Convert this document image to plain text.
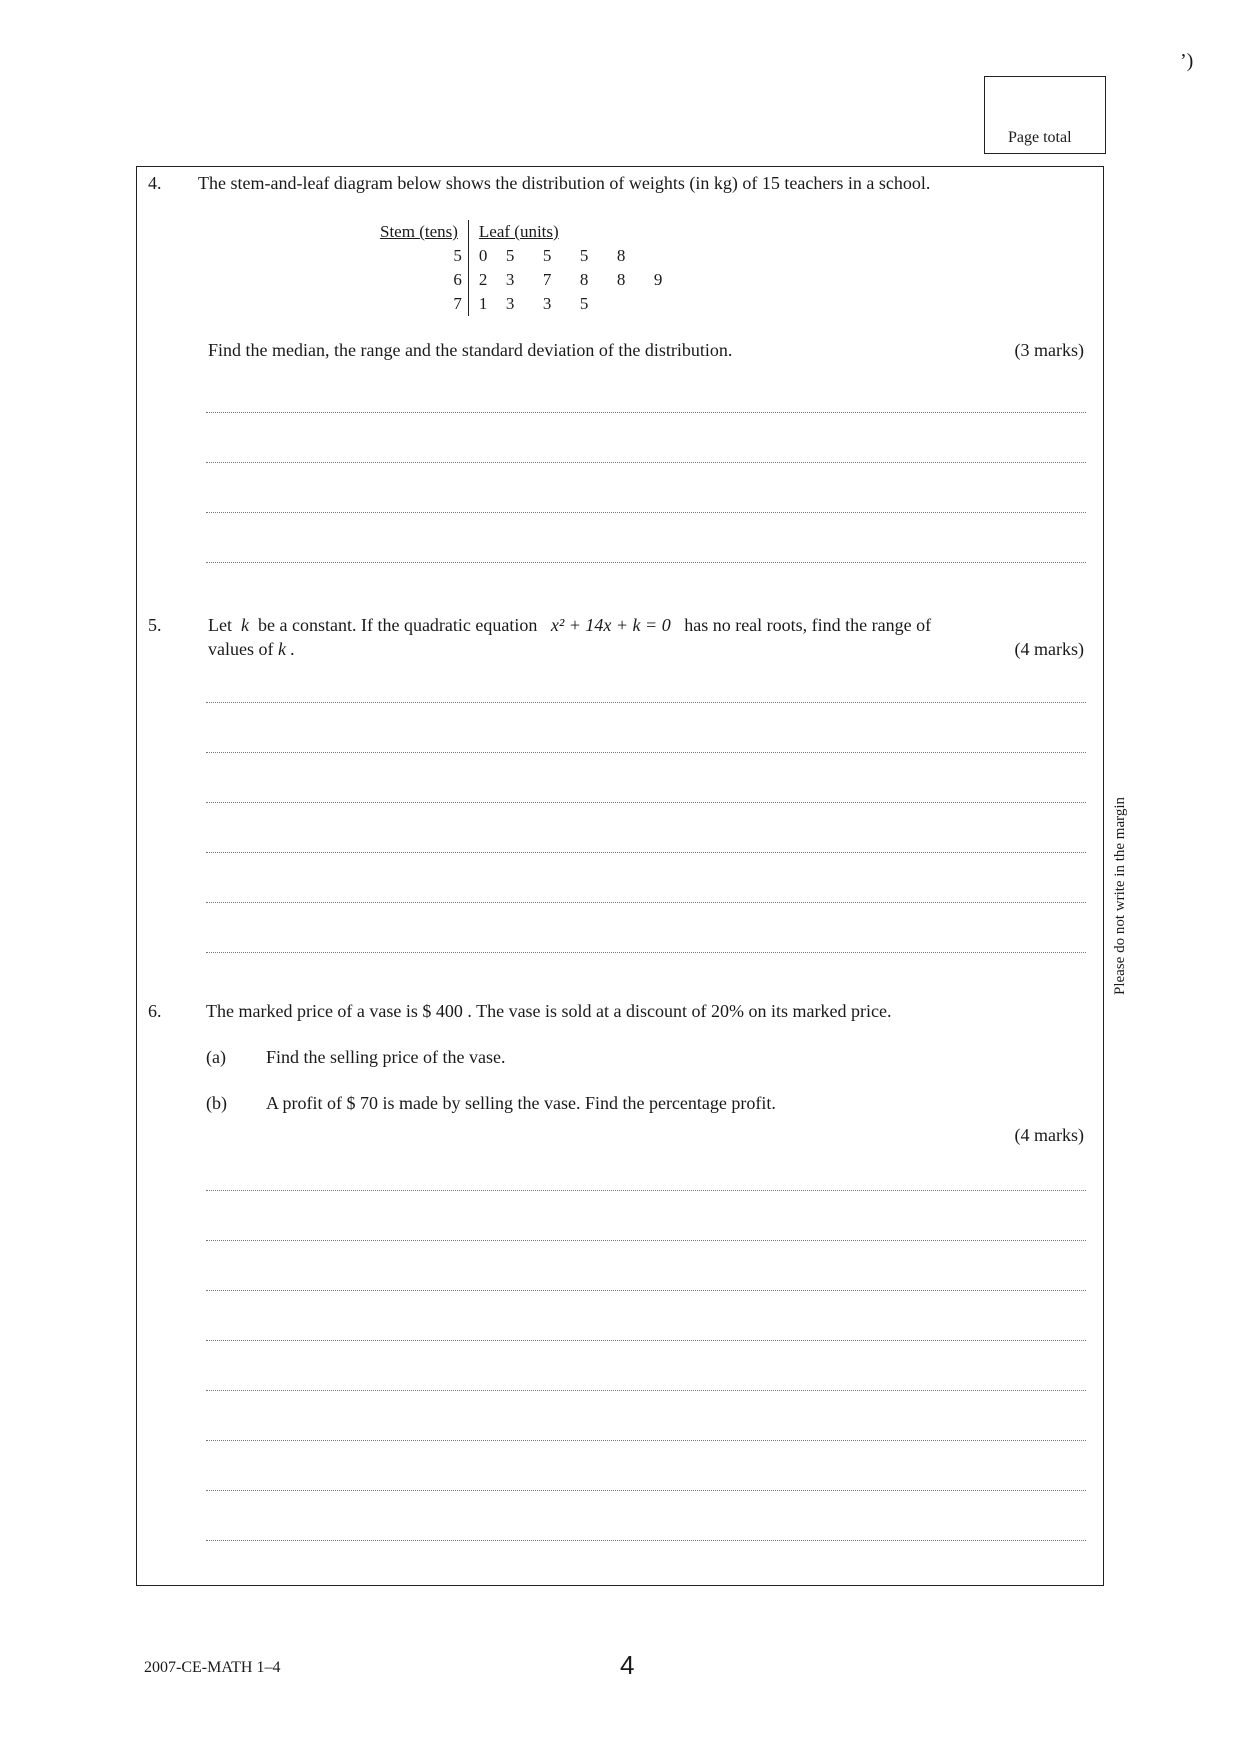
’)
Page total
4. The stem-and-leaf diagram below shows the distribution of weights (in kg) of 15 teachers in a school.
Stem (tens)	Leaf (units)					
5	0	5	5	5	8	
6	2	3	7	8	8	9
7	1	3	3	5		
Find the median, the range and the standard deviation of the distribution.	(3 marks)
5.	Let k be a constant. If the quadratic equation x² + 14x + k = 0 has no real roots, find the range of
values of k .	(4 marks)
6. The marked price of a vase is $ 400 . The vase is sold at a discount of 20% on its marked price.
(a) Find the selling price of the vase.
(b) A profit of $ 70 is made by selling the vase. Find the percentage profit.
(4 marks)
Please do not write in the margin
2007-CE-MATH 1–4	4
